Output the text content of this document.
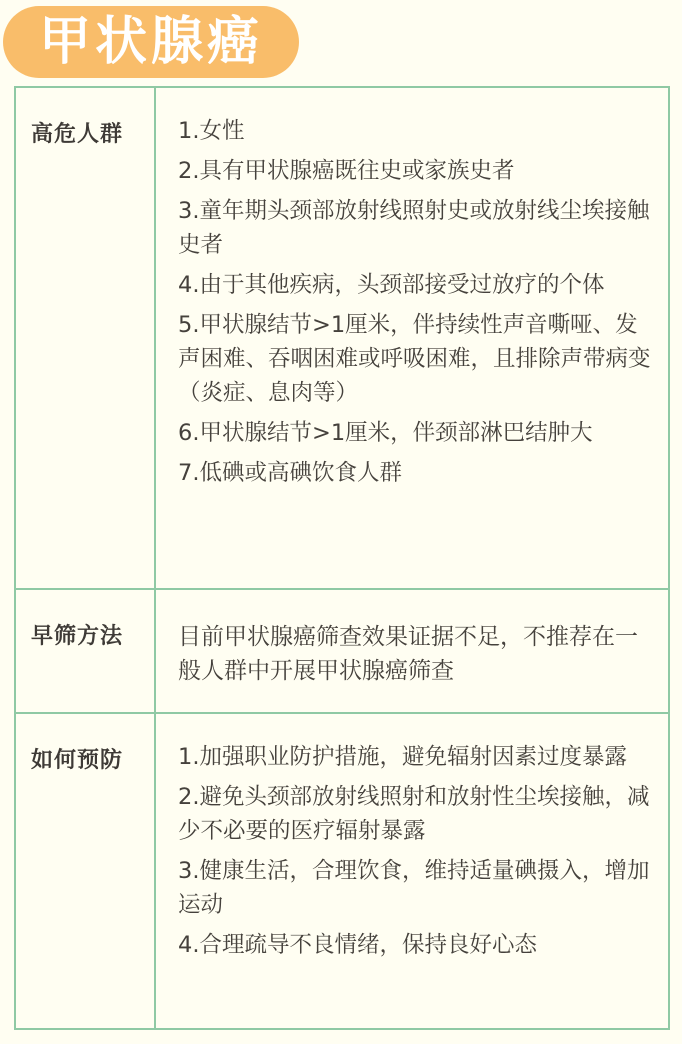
甲状腺癌
高危人群 1.女性
2.具有甲状腺癌既往史或家族史者
3.童年期头颈部放射线照射史或放射线尘埃接触史者
4.由于其他疾病，头颈部接受过放疗的个体
5.甲状腺结节>1厘米，伴持续性声音嘶哑、发声困难、吞咽困难或呼吸困难，且排除声带病变（炎症、息肉等）
6.甲状腺结节>1厘米，伴颈部淋巴结肿大
7.低碘或高碘饮食人群
早筛方法 目前甲状腺癌筛查效果证据不足，不推荐在一般人群中开展甲状腺癌筛查
如何预防 1.加强职业防护措施，避免辐射因素过度暴露
2.避免头颈部放射线照射和放射性尘埃接触，减少不必要的医疗辐射暴露
3.健康生活，合理饮食，维持适量碘摄入，增加运动
4.合理疏导不良情绪，保持良好心态
